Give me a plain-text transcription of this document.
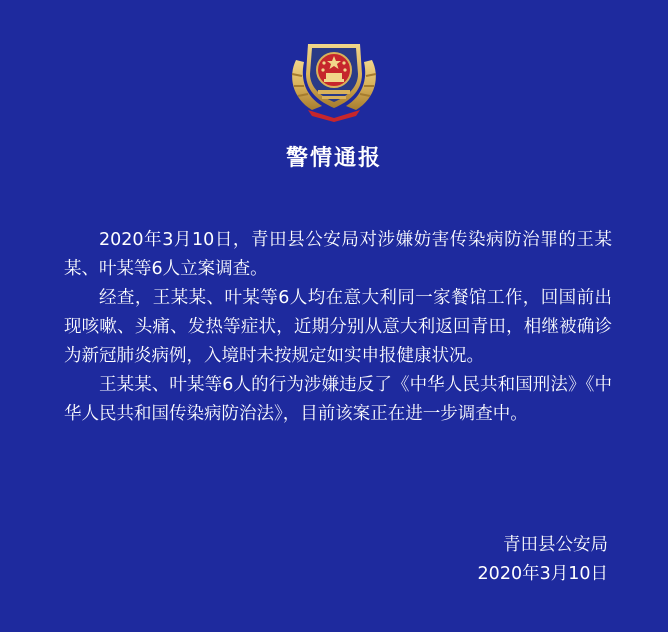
警情通报

2020年3月10日，青田县公安局对涉嫌妨害传染病防治罪的王某某、叶某等6人立案调查。

经查，王某某、叶某等6人均在意大利同一家餐馆工作，回国前出现咳嗽、头痛、发热等症状，近期分别从意大利返回青田，相继被确诊为新冠肺炎病例，入境时未按规定如实申报健康状况。

王某某、叶某等6人的行为涉嫌违反了《中华人民共和国刑法》《中华人民共和国传染病防治法》，目前该案正在进一步调查中。

青田县公安局
2020年3月10日
